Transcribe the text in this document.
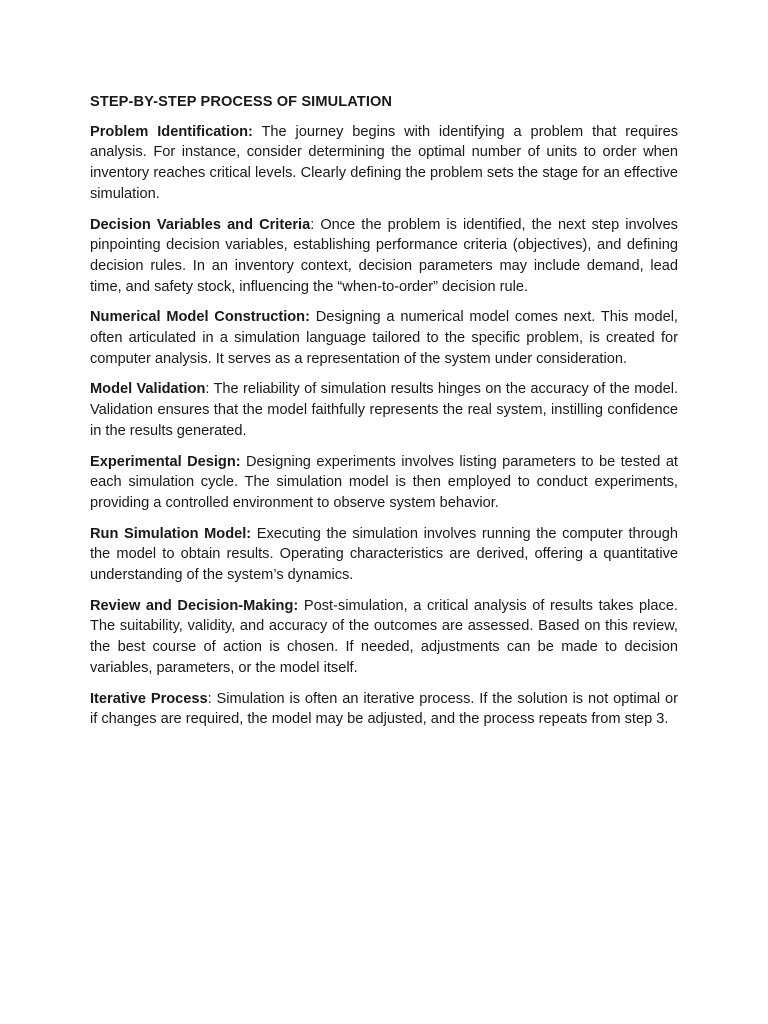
STEP-BY-STEP PROCESS OF SIMULATION

Problem Identification: The journey begins with identifying a problem that requires analysis. For instance, consider determining the optimal number of units to order when inventory reaches critical levels. Clearly defining the problem sets the stage for an effective simulation.

Decision Variables and Criteria: Once the problem is identified, the next step involves pinpointing decision variables, establishing performance criteria (objectives), and defining decision rules. In an inventory context, decision parameters may include demand, lead time, and safety stock, influencing the “when-to-order” decision rule.

Numerical Model Construction: Designing a numerical model comes next. This model, often articulated in a simulation language tailored to the specific problem, is created for computer analysis. It serves as a representation of the system under consideration.

Model Validation: The reliability of simulation results hinges on the accuracy of the model. Validation ensures that the model faithfully represents the real system, instilling confidence in the results generated.

Experimental Design: Designing experiments involves listing parameters to be tested at each simulation cycle. The simulation model is then employed to conduct experiments, providing a controlled environment to observe system behavior.

Run Simulation Model: Executing the simulation involves running the computer through the model to obtain results. Operating characteristics are derived, offering a quantitative understanding of the system’s dynamics.

Review and Decision-Making: Post-simulation, a critical analysis of results takes place. The suitability, validity, and accuracy of the outcomes are assessed. Based on this review, the best course of action is chosen. If needed, adjustments can be made to decision variables, parameters, or the model itself.

Iterative Process: Simulation is often an iterative process. If the solution is not optimal or if changes are required, the model may be adjusted, and the process repeats from step 3.
